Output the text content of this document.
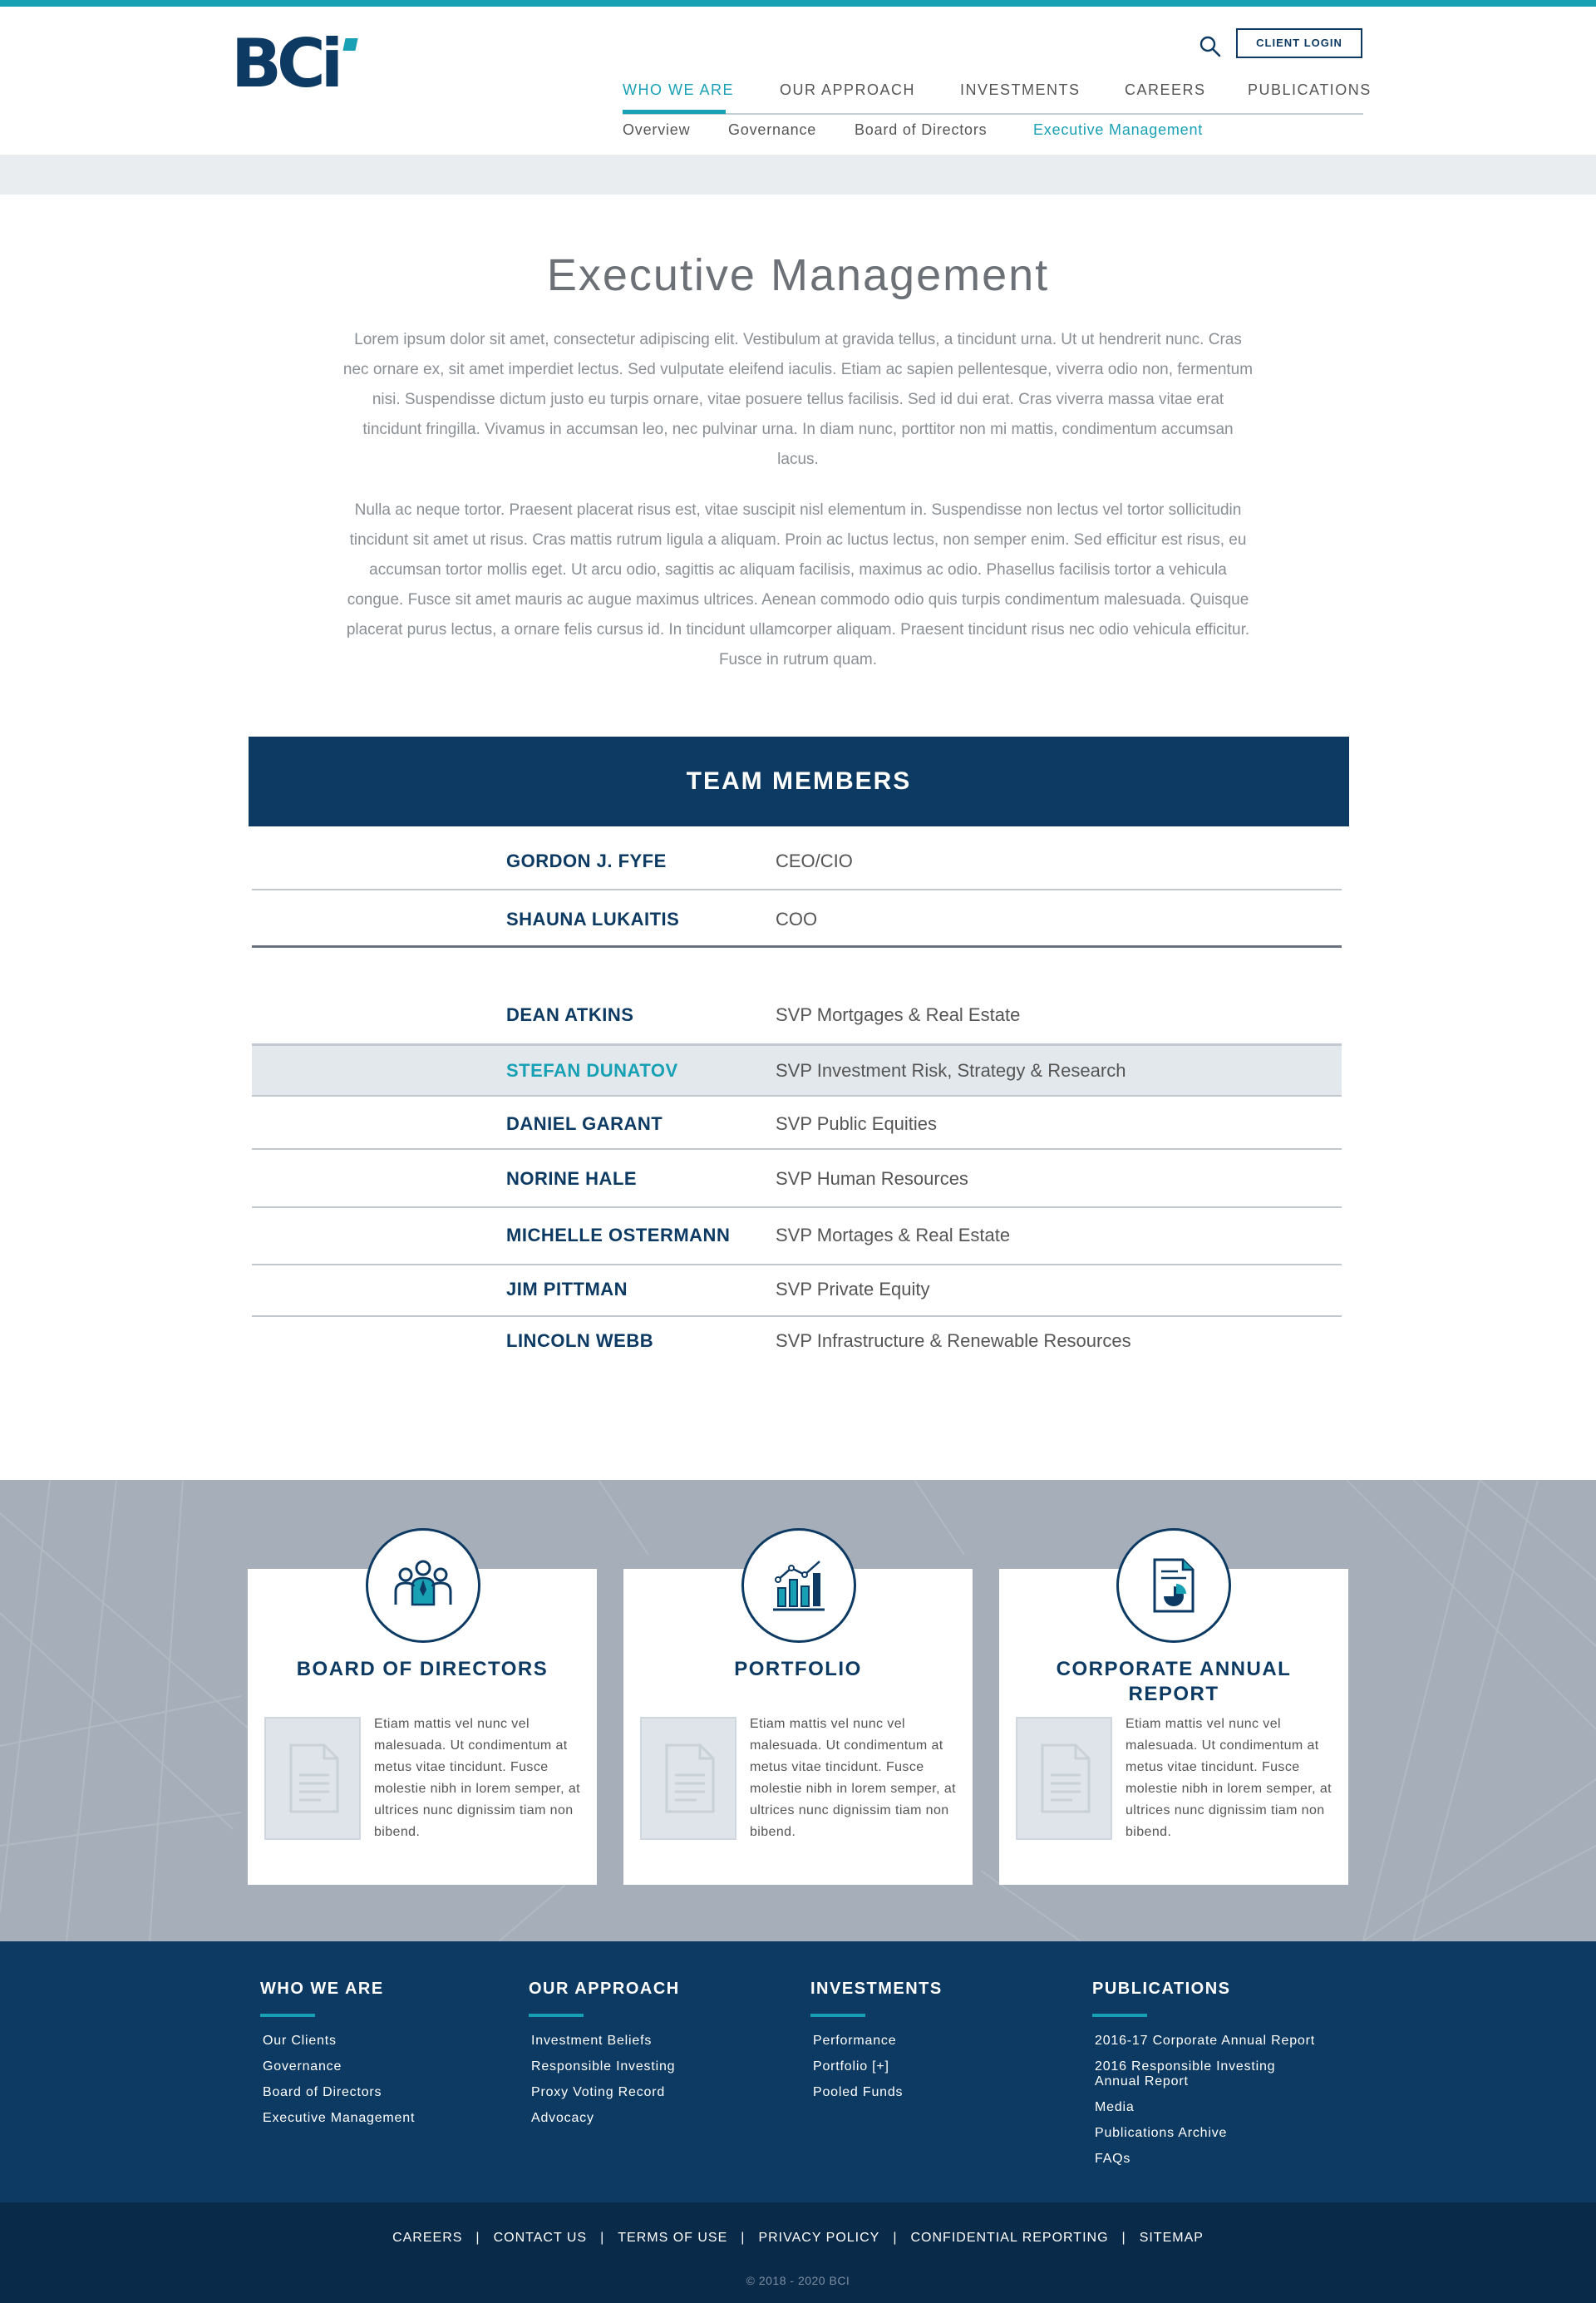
BCi	CLIENT LOGIN
WHO WE ARE	OUR APPROACH	INVESTMENTS	CAREERS	PUBLICATIONS
Overview	Governance	Board of Directors	Executive Management
Executive Management

Lorem ipsum dolor sit amet, consectetur adipiscing elit. Vestibulum at gravida tellus, a tincidunt urna. Ut ut hendrerit nunc. Cras nec ornare ex, sit amet imperdiet lectus. Sed vulputate eleifend iaculis. Etiam ac sapien pellentesque, viverra odio non, fermentum nisi. Suspendisse dictum justo eu turpis ornare, vitae posuere tellus facilisis. Sed id dui erat. Cras viverra massa vitae erat tincidunt fringilla. Vivamus in accumsan leo, nec pulvinar urna. In diam nunc, porttitor non mi mattis, condimentum accumsan lacus.

Nulla ac neque tortor. Praesent placerat risus est, vitae suscipit nisl elementum in. Suspendisse non lectus vel tortor sollicitudin tincidunt sit amet ut risus. Cras mattis rutrum ligula a aliquam. Proin ac luctus lectus, non semper enim. Sed efficitur est risus, eu accumsan tortor mollis eget. Ut arcu odio, sagittis ac aliquam facilisis, maximus ac odio. Phasellus facilisis tortor a vehicula congue. Fusce sit amet mauris ac augue maximus ultrices. Aenean commodo odio quis turpis condimentum malesuada. Quisque placerat purus lectus, a ornare felis cursus id. In tincidunt ullamcorper aliquam. Praesent tincidunt risus nec odio vehicula efficitur. Fusce in rutrum quam.

TEAM MEMBERS
GORDON J. FYFE	CEO/CIO
SHAUNA LUKAITIS	COO
DEAN ATKINS	SVP Mortgages & Real Estate
STEFAN DUNATOV	SVP Investment Risk, Strategy & Research
DANIEL GARANT	SVP Public Equities
NORINE HALE	SVP Human Resources
MICHELLE OSTERMANN SVP Mortages & Real Estate
JIM PITTMAN	SVP Private Equity
LINCOLN WEBB	SVP Infrastructure & Renewable Resources
BOARD OF DIRECTORS
Etiam mattis vel nunc vel malesuada. Ut condimentum at metus vitae tincidunt. Fusce molestie nibh in lorem semper, at ultrices nunc dignissim tiam non bibend.
PORTFOLIO
Etiam mattis vel nunc vel malesuada. Ut condimentum at metus vitae tincidunt. Fusce molestie nibh in lorem semper, at ultrices nunc dignissim tiam non bibend.
CORPORATE ANNUAL REPORT
Etiam mattis vel nunc vel malesuada. Ut condimentum at metus vitae tincidunt. Fusce molestie nibh in lorem semper, at ultrices nunc dignissim tiam non bibend.
WHO WE ARE
Our Clients
Governance
Board of Directors
Executive Management
OUR APPROACH
Investment Beliefs
Responsible Investing
Proxy Voting Record
Advocacy
INVESTMENTS
Performance
Portfolio [+]
Pooled Funds
PUBLICATIONS
2016-17 Corporate Annual Report
2016 Responsible Investing Annual Report
Media
Publications Archive
FAQs
CAREERS | CONTACT US | TERMS OF USE | PRIVACY POLICY | CONFIDENTIAL REPORTING | SITEMAP
© 2018 - 2020 BCI
